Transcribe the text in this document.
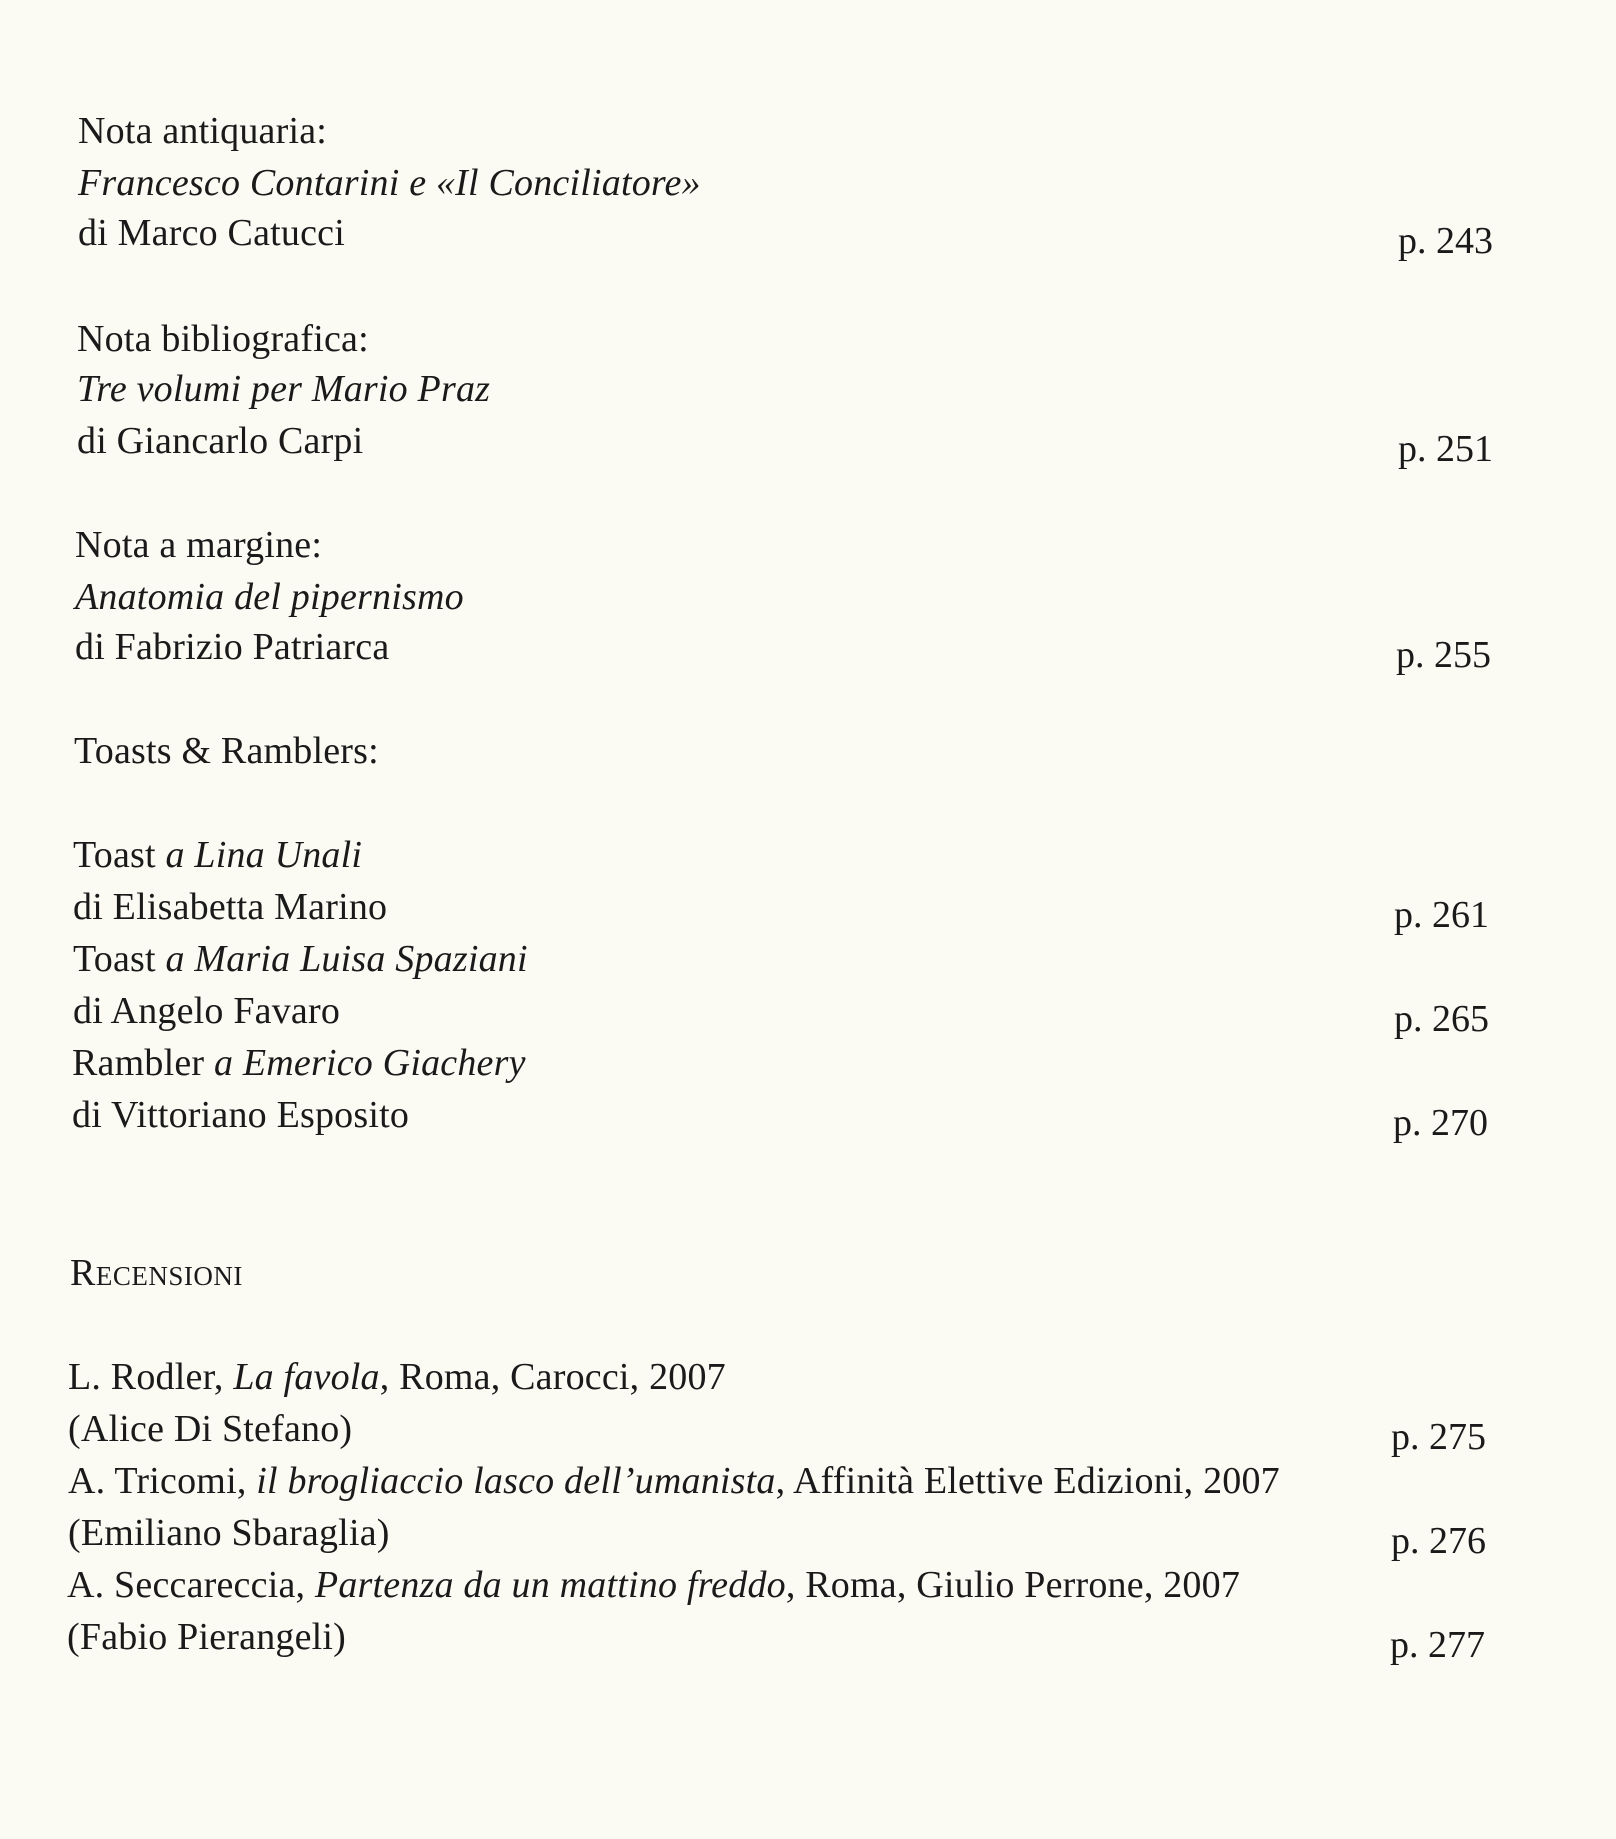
Nota antiquaria:
Francesco Contarini e «Il Conciliatore»
di Marco Catucci	p. 243
Nota bibliografica:
Tre volumi per Mario Praz
di Giancarlo Carpi	p. 251
Nota a margine:
Anatomia del pipernismo
di Fabrizio Patriarca	p. 255
Toasts & Ramblers:
Toast a Lina Unali
di Elisabetta Marino	p. 261
Toast a Maria Luisa Spaziani
di Angelo Favaro	p. 265
Rambler a Emerico Giachery
di Vittoriano Esposito	p. 270
Recensioni
L. Rodler, La favola, Roma, Carocci, 2007
(Alice Di Stefano)	p. 275
A. Tricomi, il brogliaccio lasco dell’umanista, Affinità Elettive Edizioni, 2007
(Emiliano Sbaraglia)	p. 276
A. Seccareccia, Partenza da un mattino freddo, Roma, Giulio Perrone, 2007
(Fabio Pierangeli)	p. 277
